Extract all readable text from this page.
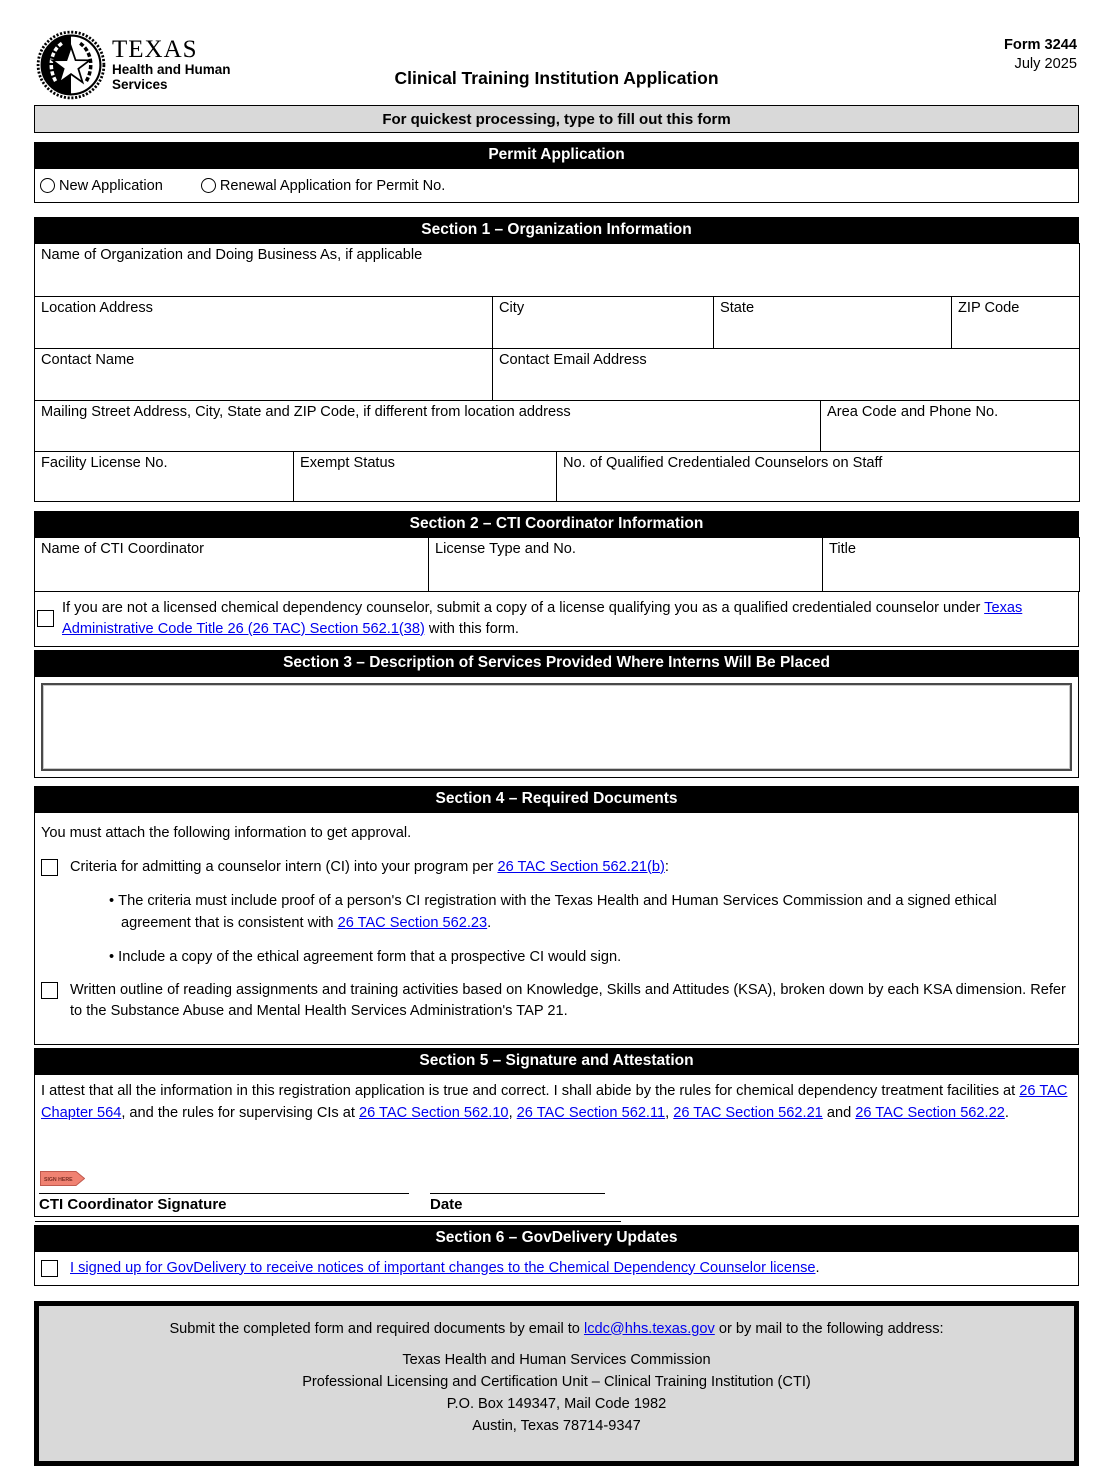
TEXAS
Health and Human
Services	Clinical Training Institution Application
Form 3244
July 2025
For quickest processing, type to fill out this form
Permit Application
New Application	Renewal Application for Permit No.
Section 1 – Organization Information
Name of Organization and Doing Business As, if applicable						
Location Address		City		State		ZIP Code
Contact Name		Contact Email Address				
Mailing Street Address, City, State and ZIP Code, if different from location address					Area Code and Phone No.	
Facility License No.	Exempt Status		No. of Qualified Credentialed Counselors on Staff			
Section 2 – CTI Coordinator Information
Name of CTI Coordinator	License Type and No.	Title
If you are not a licensed chemical dependency counselor, submit a copy of a license qualifying you as a qualified credentialed counselor under Texas Administrative Code Title 26 (26 TAC) Section 562.1(38) with this form.
Section 3 – Description of Services Provided Where Interns Will Be Placed
Section 4 – Required Documents
You must attach the following information to get approval.
Criteria for admitting a counselor intern (CI) into your program per 26 TAC Section 562.21(b):
• The criteria must include proof of a person's CI registration with the Texas Health and Human Services Commission and a signed ethical agreement that is consistent with 26 TAC Section 562.23.
• Include a copy of the ethical agreement form that a prospective CI would sign.
Written outline of reading assignments and training activities based on Knowledge, Skills and Attitudes (KSA), broken down by each KSA dimension. Refer to the Substance Abuse and Mental Health Services Administration's TAP 21.
Section 5 – Signature and Attestation
I attest that all the information in this registration application is true and correct. I shall abide by the rules for chemical dependency treatment facilities at 26 TAC Chapter 564, and the rules for supervising CIs at 26 TAC Section 562.10, 26 TAC Section 562.11, 26 TAC Section 562.21 and 26 TAC Section 562.22.
SIGN HERE
CTI Coordinator Signature	Date
Section 6 – GovDelivery Updates
I signed up for GovDelivery to receive notices of important changes to the Chemical Dependency Counselor license.
Submit the completed form and required documents by email to lcdc@hhs.texas.gov or by mail to the following address:
Texas Health and Human Services Commission
Professional Licensing and Certification Unit – Clinical Training Institution (CTI)
P.O. Box 149347, Mail Code 1982
Austin, Texas 78714-9347
